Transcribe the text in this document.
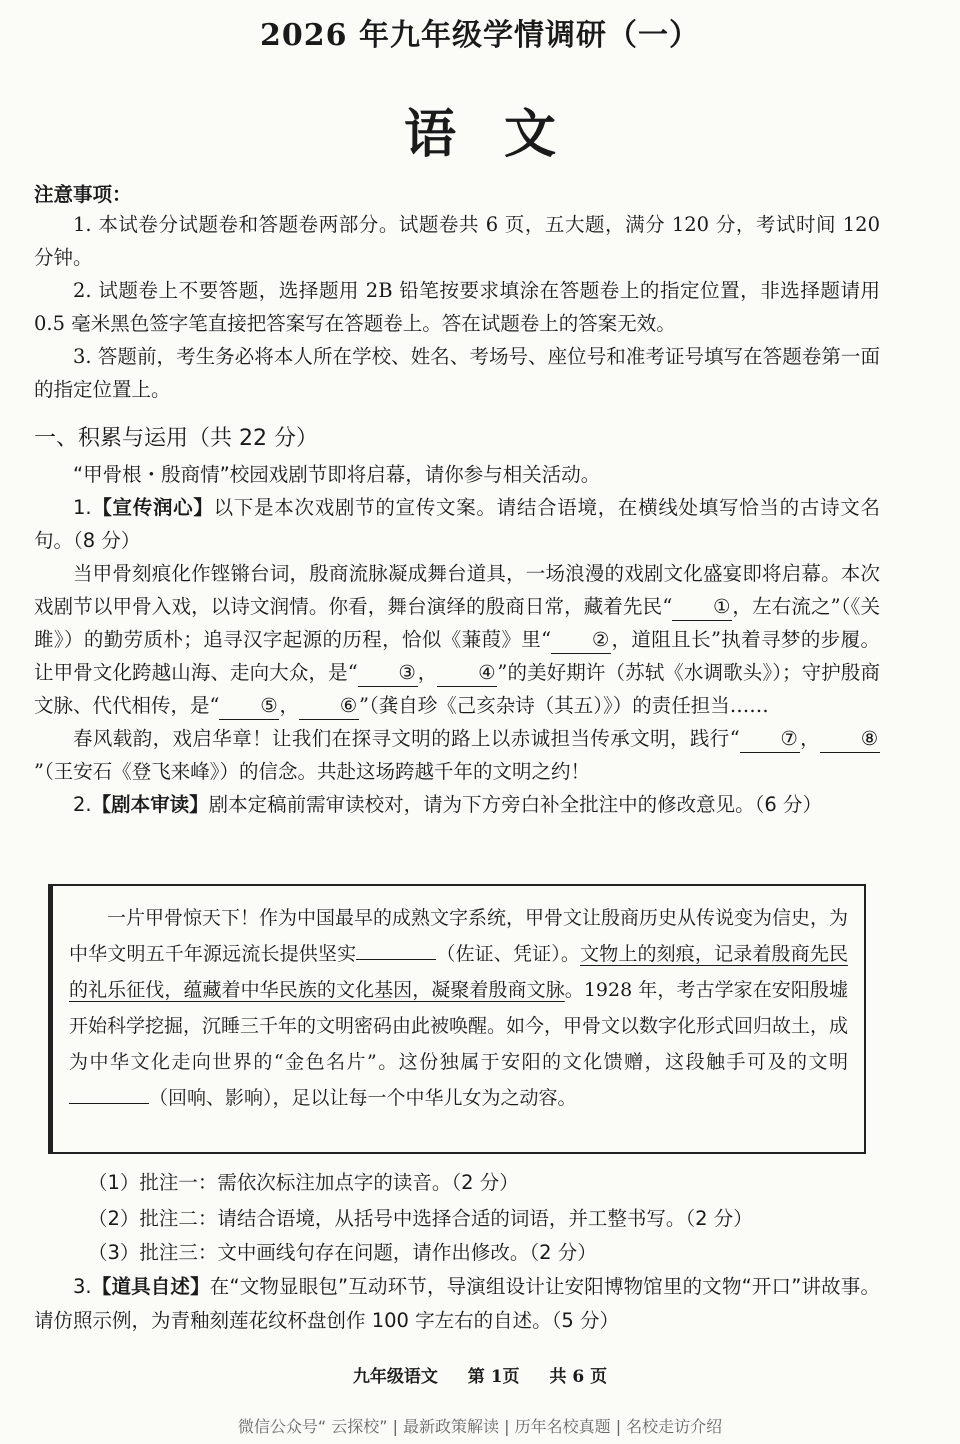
2026 年九年级学情调研（一）
语文
注意事项：

1. 本试卷分试题卷和答题卷两部分。试题卷共 6 页，五大题，满分 120 分，考试时间 120 分钟。

2. 试题卷上不要答题，选择题用 2B 铅笔按要求填涂在答题卷上的指定位置，非选择题请用 0.5 毫米黑色签字笔直接把答案写在答题卷上。答在试题卷上的答案无效。

3. 答题前，考生务必将本人所在学校、姓名、考场号、座位号和准考证号填写在答题卷第一面的指定位置上。

一、积累与运用（共 22 分）

“甲骨根・殷商情”校园戏剧节即将启幕，请你参与相关活动。

1.【宣传润心】以下是本次戏剧节的宣传文案。请结合语境，在横线处填写恰当的古诗文名句。（8 分）

当甲骨刻痕化作铿锵台词，殷商流脉凝成舞台道具，一场浪漫的戏剧文化盛宴即将启幕。本次戏剧节以甲骨入戏，以诗文润情。你看，舞台演绎的殷商日常，藏着先民“ ①，左右流之”（《关雎》）的勤劳质朴；追寻汉字起源的历程，恰似《蒹葭》里“ ②，道阻且长”执着寻梦的步履。让甲骨文化跨越山海、走向大众，是“ ③， ④”的美好期许（苏轼《水调歌头》）；守护殷商文脉、代代相传，是“ ⑤， ⑥”（龚自珍《己亥杂诗（其五）》）的责任担当……

春风载韵，戏启华章！让我们在探寻文明的路上以赤诚担当传承文明，践行“ ⑦， ⑧”（王安石《登飞来峰》）的信念。共赴这场跨越千年的文明之约！

2.【剧本审读】剧本定稿前需审读校对，请为下方旁白补全批注中的修改意见。（6 分）

一片甲骨惊天下！作为中国最早的成熟文字系统，甲骨文让殷商历史从传说变为信史，为中华文明五千年源远流长提供坚实	（佐证、凭证）。文物上的刻痕，记录着殷商先民的礼乐征伐，蕴藏着中华民族的文化基因，凝聚着殷商文脉。1928 年，考古学家在安阳殷墟开始科学挖掘，沉睡三千年的文明密码由此被唤醒。如今，甲骨文以数字化形式回归故土，成为中华文化走向世界的“金色名片”。这份独属于安阳的文化馈赠，这段触手可及的文明（回响、影响），足以让每一个中华儿女为之动容。

（1）批注一：需依次标注加点字的读音。（2 分）
（2）批注二：请结合语境，从括号中选择合适的词语，并工整书写。（2 分）
（3）批注三：文中画线句存在问题，请作出修改。（2 分）
3.【道具自述】在“文物显眼包”互动环节，导演组设计让安阳博物馆里的文物“开口”讲故事。请仿照示例，为青釉刻莲花纹杯盘创作 100 字左右的自述。（5 分）
九年级语文 第 1页 共 6 页
微信公众号“ 云探校” | 最新政策解读 | 历年名校真题 | 名校走访介绍
